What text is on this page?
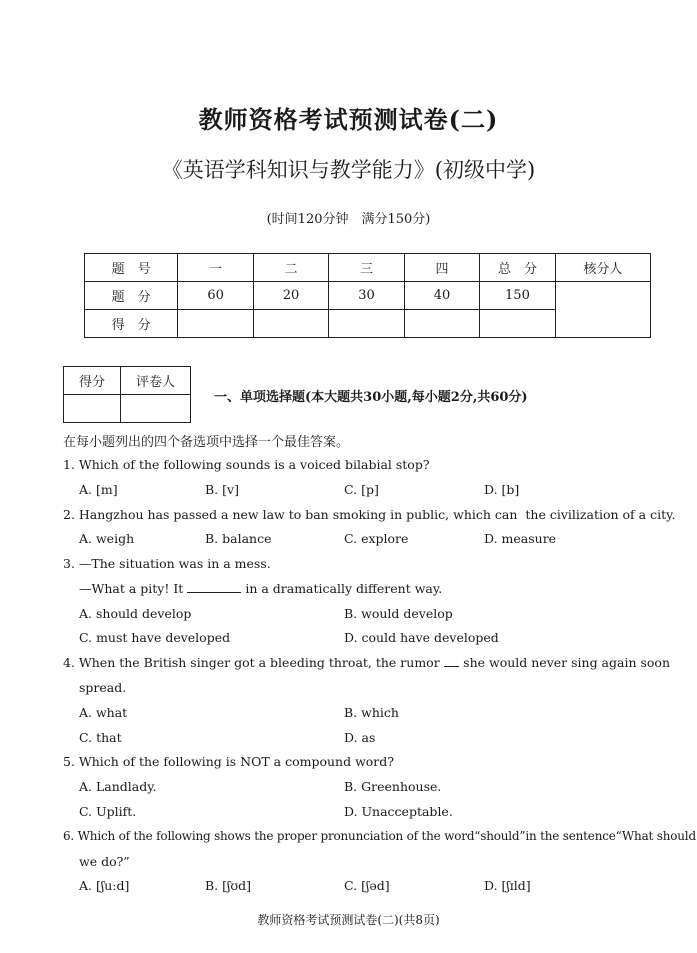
教师资格考试预测试卷(二)
《英语学科知识与教学能力》(初级中学)
(时间120分钟　满分150分)
题　号	一	二	三	四	总　分	核分人
题　分	60	20	30	40	150	
得　分						
得分	评卷人

一、单项选择题(本大题共30小题,每小题2分,共60分)
在每小题列出的四个备选项中选择一个最佳答案。
1. Which of the following sounds is a voiced bilabial stop?
A. [m]	B. [v]	C. [p]	D. [b]
2. Hangzhou has passed a new law to ban smoking in public, which can the civilization of a city.
A. weigh	B. balance	C. explore	D. measure
3. —The situation was in a mess.
—What a pity! It	in a dramatically different way.
A. should develop	B. would develop
C. must have developed	D. could have developed
4. When the British singer got a bleeding throat, the rumor she would never sing again soon
spread.
A. what	B. which
C. that	D. as
5. Which of the following is NOT a compound word?
A. Landlady.	B. Greenhouse.
C. Uplift.	D. Unacceptable.
6. Which of the following shows the proper pronunciation of the word“should”in the sentence“What should
we do?”
A. [ʃuːd]	B. [ʃʊd]	C. [ʃəd]	D. [ʃɪld]
教师资格考试预测试卷(二)(共8页)
